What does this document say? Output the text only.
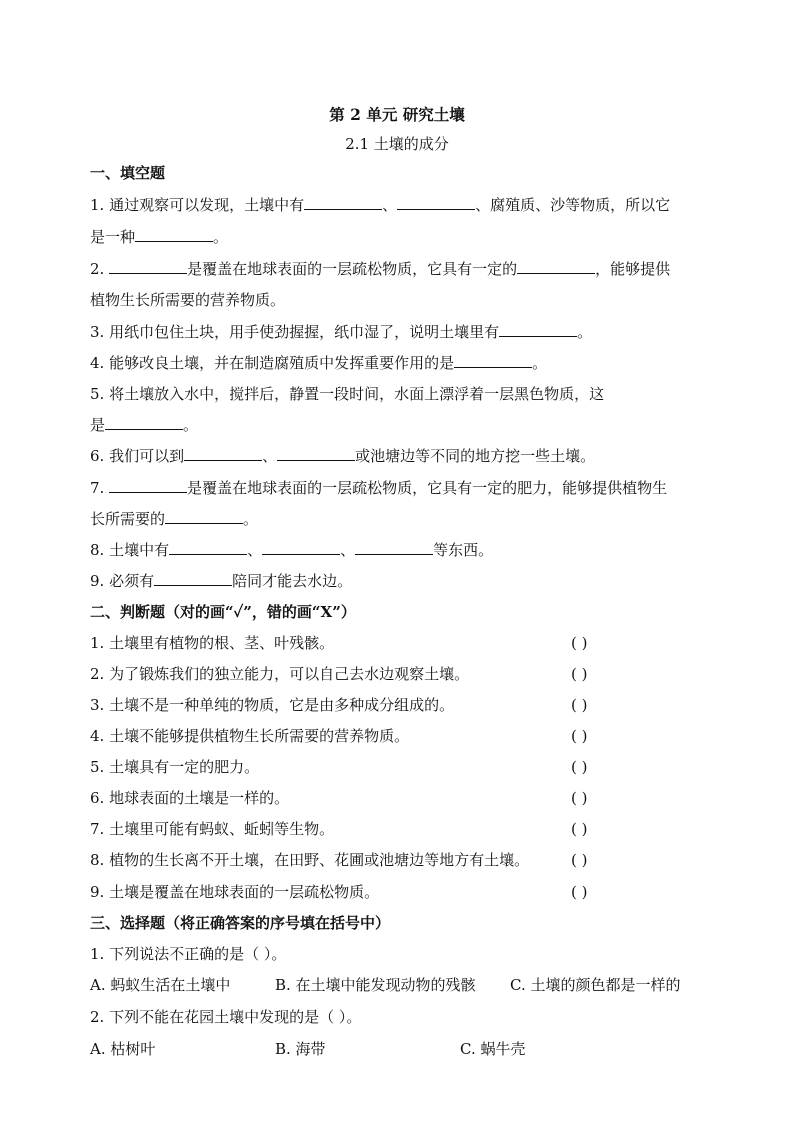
第 2 单元 研究土壤
2.1 土壤的成分
一、填空题
1. 通过观察可以发现，土壤中有	、	、腐殖质、沙等物质，所以它
是一种	。
2.	是覆盖在地球表面的一层疏松物质，它具有一定的	，能够提供
植物生长所需要的营养物质。
3. 用纸巾包住土块，用手使劲握握，纸巾湿了，说明土壤里有	。
4. 能够改良土壤，并在制造腐殖质中发挥重要作用的是	。
5. 将土壤放入水中，搅拌后，静置一段时间，水面上漂浮着一层黑色物质，这
是	。
6. 我们可以到	、	或池塘边等不同的地方挖一些土壤。
7.	是覆盖在地球表面的一层疏松物质，它具有一定的肥力，能够提供植物生
长所需要的	。
8. 土壤中有	、	、	等东西。
9. 必须有	陪同才能去水边。
二、判断题（对的画“✓”，错的画“X”）
1. 土壤里有植物的根、茎、叶残骸。	( )
2. 为了锻炼我们的独立能力，可以自己去水边观察土壤。	( )
3. 土壤不是一种单纯的物质，它是由多种成分组成的。	( )
4. 土壤不能够提供植物生长所需要的营养物质。	( )
5. 土壤具有一定的肥力。	( )
6. 地球表面的土壤是一样的。	( )
7. 土壤里可能有蚂蚁、蚯蚓等生物。	( )
8. 植物的生长离不开土壤，在田野、花圃或池塘边等地方有土壤。	( )
9. 土壤是覆盖在地球表面的一层疏松物质。	( )
三、选择题（将正确答案的序号填在括号中）
1. 下列说法不正确的是（ ）。
A. 蚂蚁生活在土壤中	B. 在土壤中能发现动物的残骸 C. 土壤的颜色都是一样的
2. 下列不能在花园土壤中发现的是（ ）。
A. 枯树叶	B. 海带	C. 蜗牛壳
